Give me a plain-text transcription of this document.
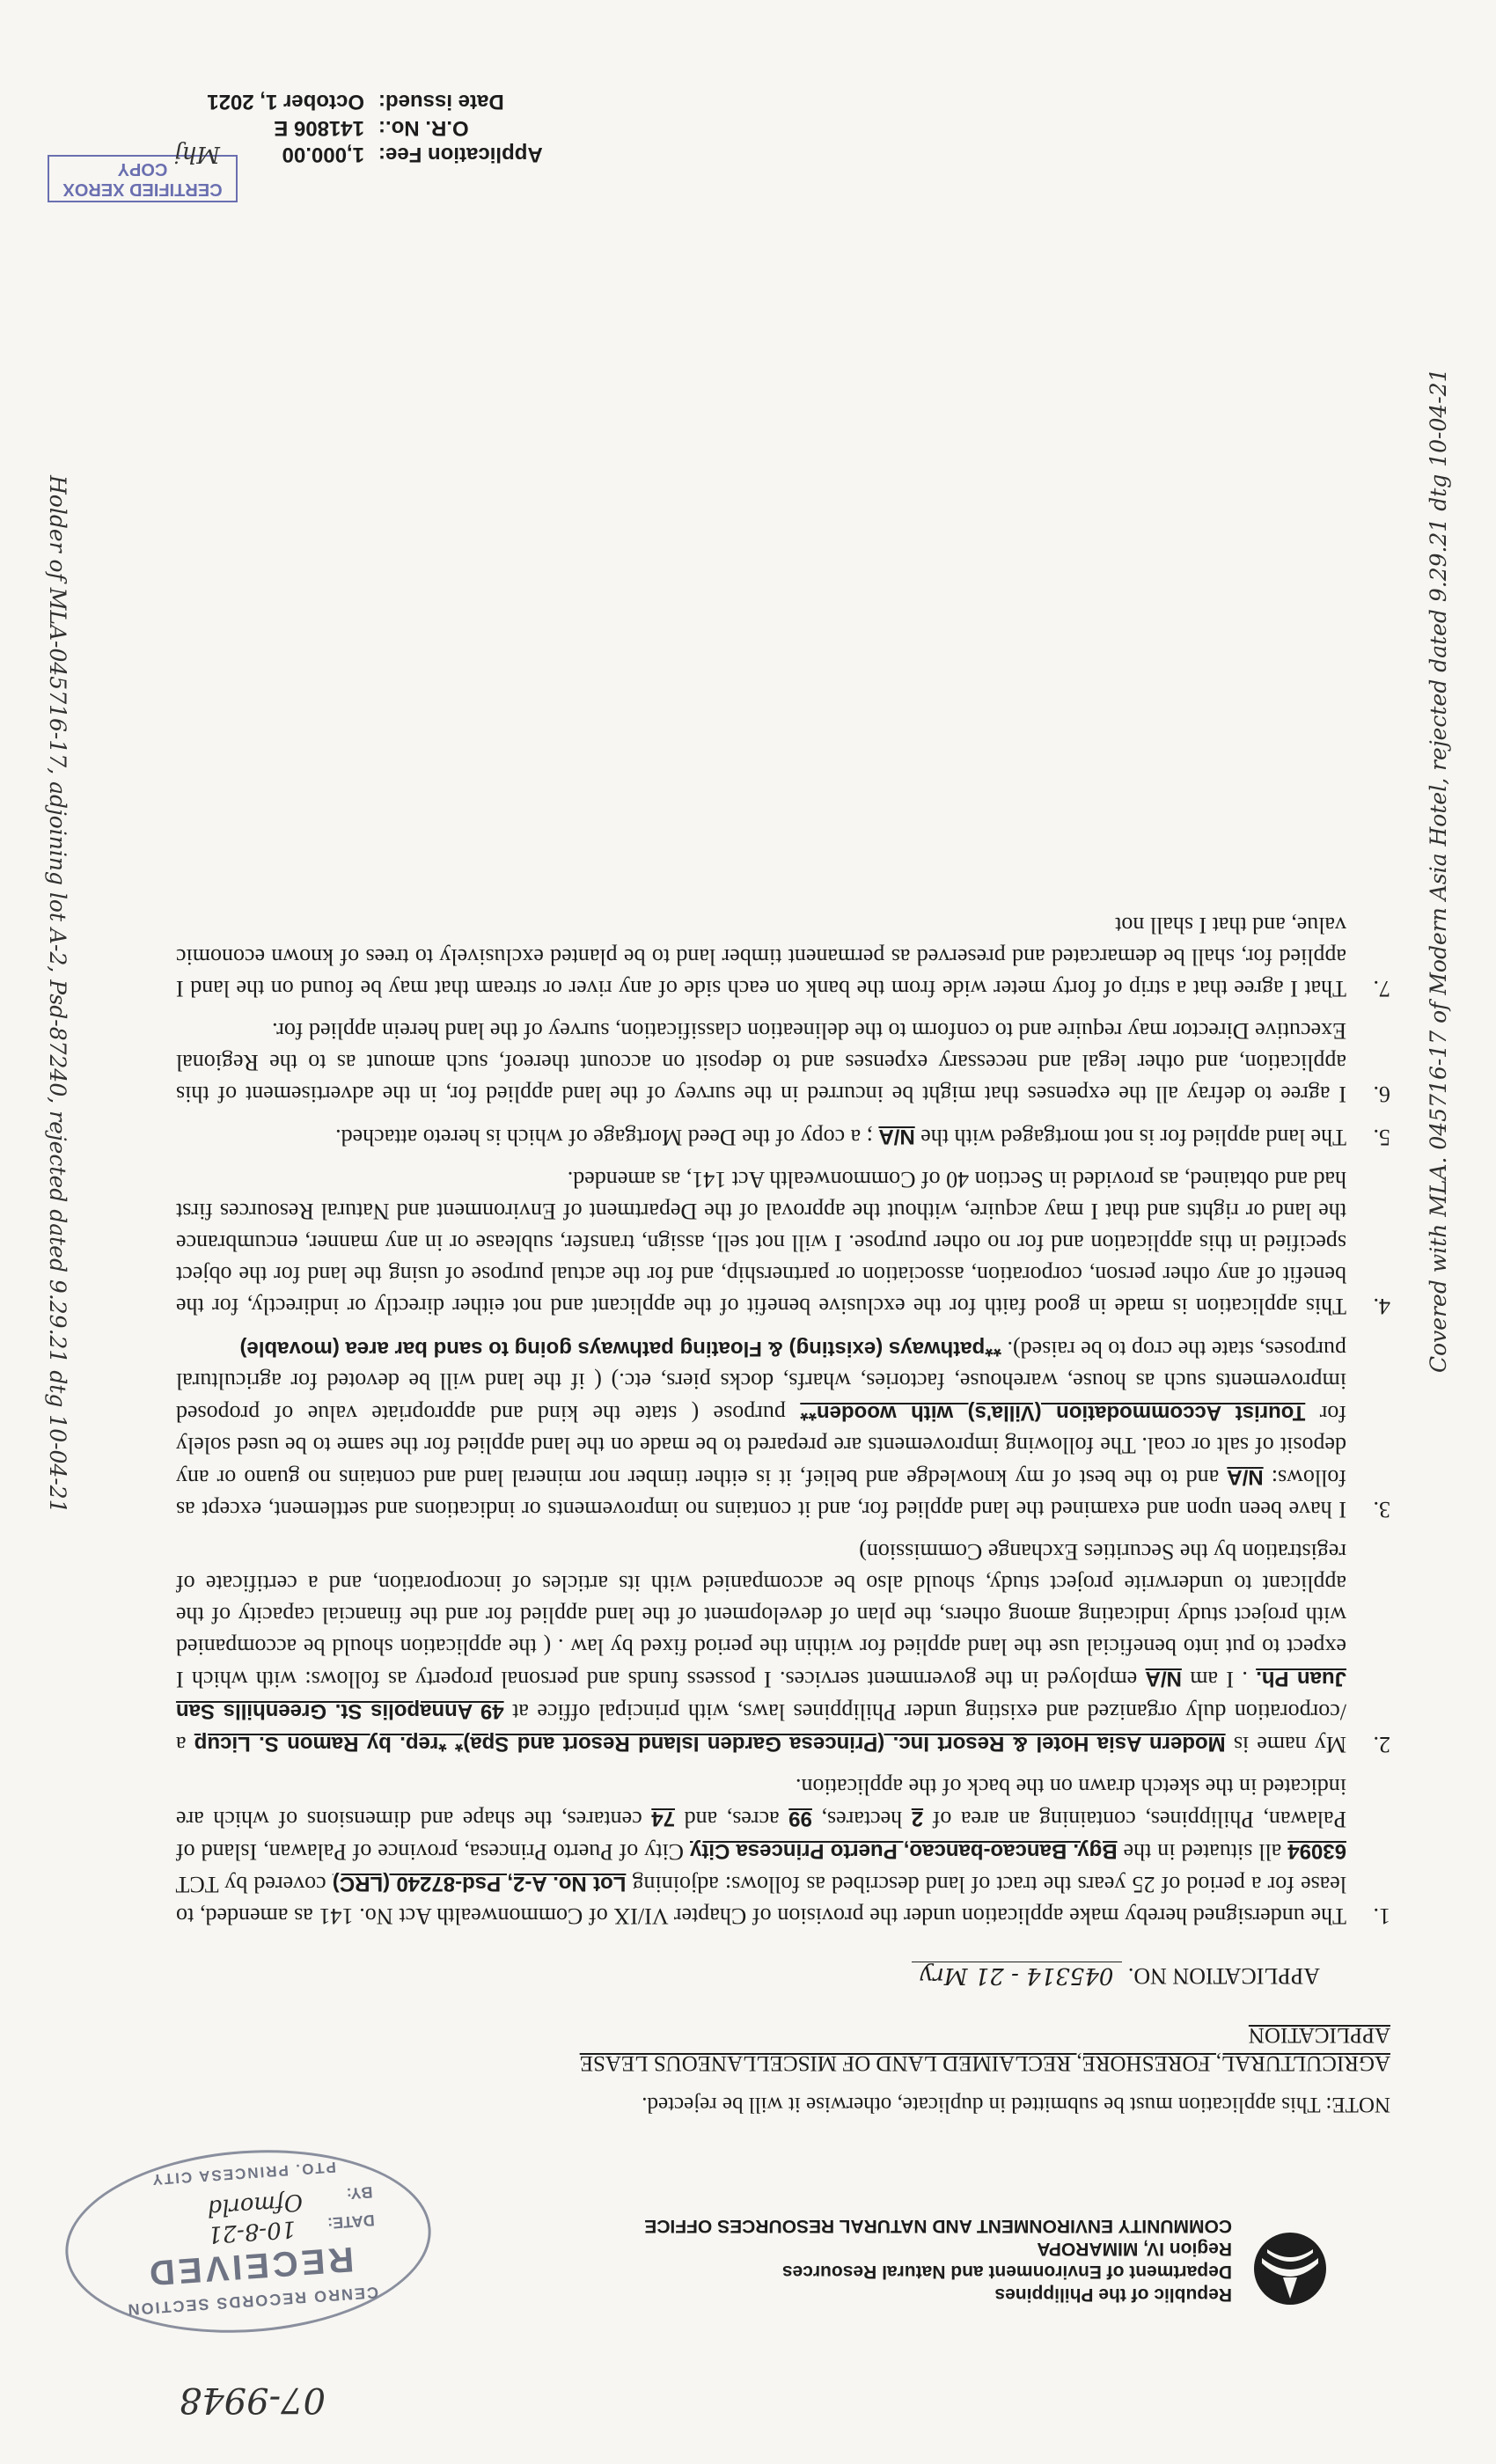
07-9948
Republic of the Philippines
Department of Environment and Natural Resources
Region IV, MIMAROPA
COMMUNITY ENVIRONMENT AND NATURAL RESOURCES OFFICE
CENRO RECORDS SECTION
RECEIVED
DATE:
10-8-21
BY:
Ofmorld
PTO. PRINCESA CITY
NOTE: This application must be submitted in duplicate, otherwise it will be rejected.
AGRICULTURAL, FORESHORE, RECLAIMED LAND OF MISCELLANEOUS LEASE
APPLICATION
APPLICATION NO. 045314 - 21 Mry
1.
The undersigned hereby make application under the provision of Chapter VI/IX of Commonwealth Act No. 141 as amended, to lease for a period of 25 years the tract of land described as follows: adjoining Lot No. A-2, Psd-87240 (LRC) covered by TCT 63094 all situated in the Bgy. Bancao-bancao, Puerto Princesa City City of Puerto Princesa, province of Palawan, Island of Palawan, Philippines, containing an area of 2 hectares, 99 acres, and 74 centares, the shape and dimensions of which are indicated in the sketch drawn on the back of the application.
2.
My name is Modern Asia Hotel & Resort Inc. (Princesa Garden Island Resort and Spa)* *rep. by Ramon S. Licup a /corporation duly organized and existing under Philippines laws, with principal office at 49 Annapolis St. Greenhills San Juan Ph. . I am N/A employed in the government services. I possess funds and personal property as follows: with which I expect to put into beneficial use the land applied for within the period fixed by law . ( the application should be accompanied with project study indicating among others, the plan of development of the land applied for and the financial capacity of the applicant to underwrite project study, should also be accompanied with its articles of incorporation, and a certificate of registration by the Securities Exchange Commission)
3.
I have been upon and examined the land applied for, and it contains no improvements or indications and settlement, except as follows: N/A and to the best of my knowledge and belief, it is either timber nor mineral land and contains no guano or any deposit of salt or coal. The following improvements are prepared to be made on the land applied for the same to be used solely for Tourist Accommodation (Villa's) with wooden** purpose ( state the kind and appropriate value of proposed improvements such as house, warehouse, factories, wharfs, docks piers, etc.) ( if the land will be devoted for agricultural purposes, state the crop to be raised). **pathways (existing) & Floating pathways going to sand bar area (movable)
4.
This application is made in good faith for the exclusive benefit of the applicant and not either directly or indirectly, for the benefit of any other person, corporation, association or partnership, and for the actual purpose of using the land for the object specified in this application and for no other purpose. I will not sell, assign, transfer, sublease or in any manner, encumbrance the land or rights and that I may acquire, without the approval of the Department of Environment and Natural Resources first had and obtained, as provided in Section 40 of Commonwealth Act 141, as amended.
5.
The land applied for is not mortgaged with the N/A ; a copy of the Deed Mortgage of which is hereto attached.
6.
I agree to defray all the expenses that might be incurred in the survey of the land applied for, in the advertisement of this application, and other legal and necessary expenses and to deposit on account thereof, such amount as to the Regional Executive Director may require and to conform to the delineation classification, survey of the land herein applied for.
7.
That I agree that a strip of forty meter wide from the bank on each side of any river or stream that may be found on the land I applied for, shall be demarcated and preserved as permanent timber land to be planted exclusively to trees of known economic value, and that I shall not
Application Fee:1,000.00
O.R. No.:141806 E
Date issued:October 1, 2021
CERTIFIED XEROX COPY
Mhj
Holder of MLA-045716-17, adjoining lot A-2, Psd-87240, rejected dated 9.29.21 dtg 10-04-21	Covered with MLA. 045716-17 of Modern Asia Hotel, rejected dated 9.29.21 dtg 10-04-21
